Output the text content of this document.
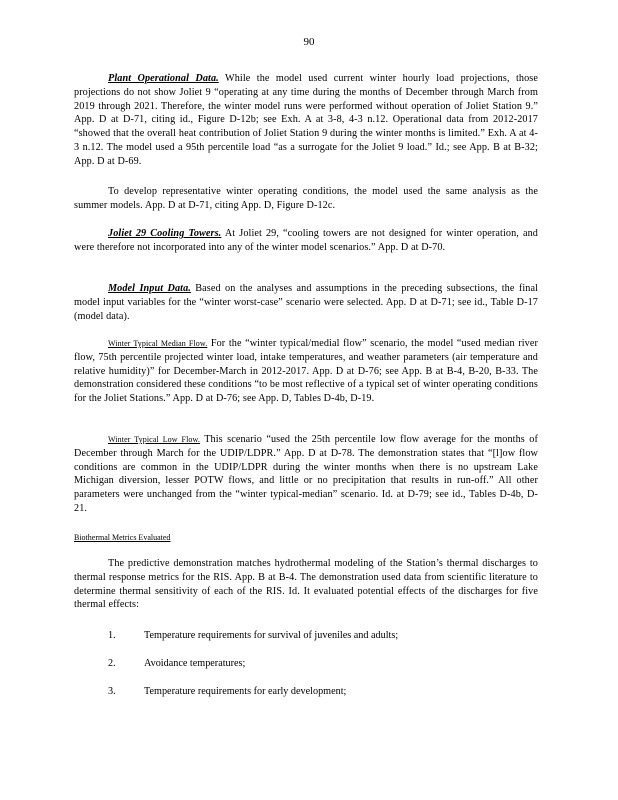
90

Plant Operational Data. While the model used current winter hourly load projections, those projections do not show Joliet 9 “operating at any time during the months of December through March from 2019 through 2021. Therefore, the winter model runs were performed without operation of Joliet Station 9.” App. D at D-71, citing id., Figure D-12b; see Exh. A at 3-8, 4-3 n.12. Operational data from 2012-2017 “showed that the overall heat contribution of Joliet Station 9 during the winter months is limited.” Exh. A at 4-3 n.12. The model used a 95th percentile load “as a surrogate for the Joliet 9 load.” Id.; see App. B at B-32; App. D at D-69.

To develop representative winter operating conditions, the model used the same analysis as the summer models. App. D at D-71, citing App. D, Figure D-12c.

Joliet 29 Cooling Towers. At Joliet 29, “cooling towers are not designed for winter operation, and were therefore not incorporated into any of the winter model scenarios.” App. D at D-70.

Model Input Data. Based on the analyses and assumptions in the preceding subsections, the final model input variables for the “winter worst-case” scenario were selected. App. D at D-71; see id., Table D-17 (model data).

Winter Typical Median Flow. For the “winter typical/medial flow” scenario, the model “used median river flow, 75th percentile projected winter load, intake temperatures, and weather parameters (air temperature and relative humidity)” for December-March in 2012-2017. App. D at D-76; see App. B at B-4, B-20, B-33. The demonstration considered these conditions “to be most reflective of a typical set of winter operating conditions for the Joliet Stations.” App. D at D-76; see App. D, Tables D-4b, D-19.

Winter Typical Low Flow. This scenario “used the 25th percentile low flow average for the months of December through March for the UDIP/LDPR.” App. D at D-78. The demonstration states that “[l]ow flow conditions are common in the UDIP/LDPR during the winter months when there is no upstream Lake Michigan diversion, lesser POTW flows, and little or no precipitation that results in run-off.” All other parameters were unchanged from the “winter typical-median” scenario. Id. at D-79; see id., Tables D-4b, D-21.

Biothermal Metrics Evaluated

The predictive demonstration matches hydrothermal modeling of the Station’s thermal discharges to thermal response metrics for the RIS. App. B at B-4. The demonstration used data from scientific literature to determine thermal sensitivity of each of the RIS. Id. It evaluated potential effects of the discharges for five thermal effects:

1.	Temperature requirements for survival of juveniles and adults;
2.	Avoidance temperatures;
3.	Temperature requirements for early development;
